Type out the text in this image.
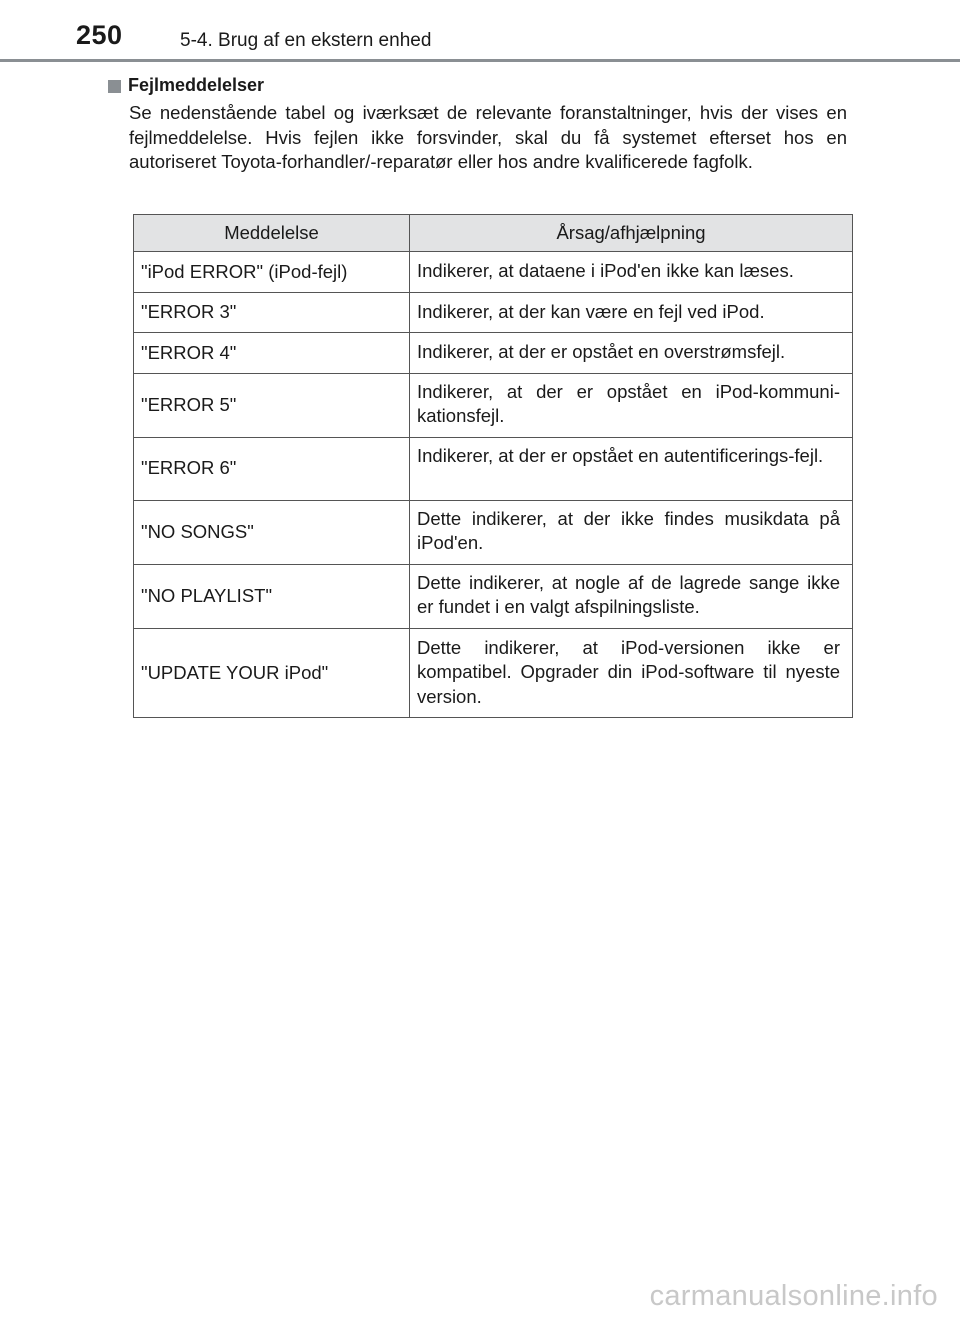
250	5-4. Brug af en ekstern enhed
Fejlmeddelelser

Se nedenstående tabel og iværksæt de relevante foranstaltninger, hvis der vises en fejlmeddelelse. Hvis fejlen ikke forsvinder, skal du få systemet efterset hos en autoriseret Toyota-forhandler/-reparatør eller hos andre kvalificerede fagfolk.

Meddelelse	Årsag/afhjælpning
"iPod ERROR" (iPod-fejl)	Indikerer, at dataene i iPod'en ikke kan læses.
"ERROR 3"	Indikerer, at der kan være en fejl ved iPod.
"ERROR 4"	Indikerer, at der er opstået en overstrømsfejl.
"ERROR 5"	Indikerer, at der er opstået en iPod-kommuni-kationsfejl.
"ERROR 6"	Indikerer, at der er opstået en autentificerings-fejl.
"NO SONGS"	Dette indikerer, at der ikke findes musikdata på iPod'en.
"NO PLAYLIST"	Dette indikerer, at nogle af de lagrede sange ikke er fundet i en valgt afspilningsliste.
"UPDATE YOUR iPod"	Dette indikerer, at iPod-versionen ikke er kompatibel. Opgrader din iPod-software til nyeste version.
carmanualsonline.info
